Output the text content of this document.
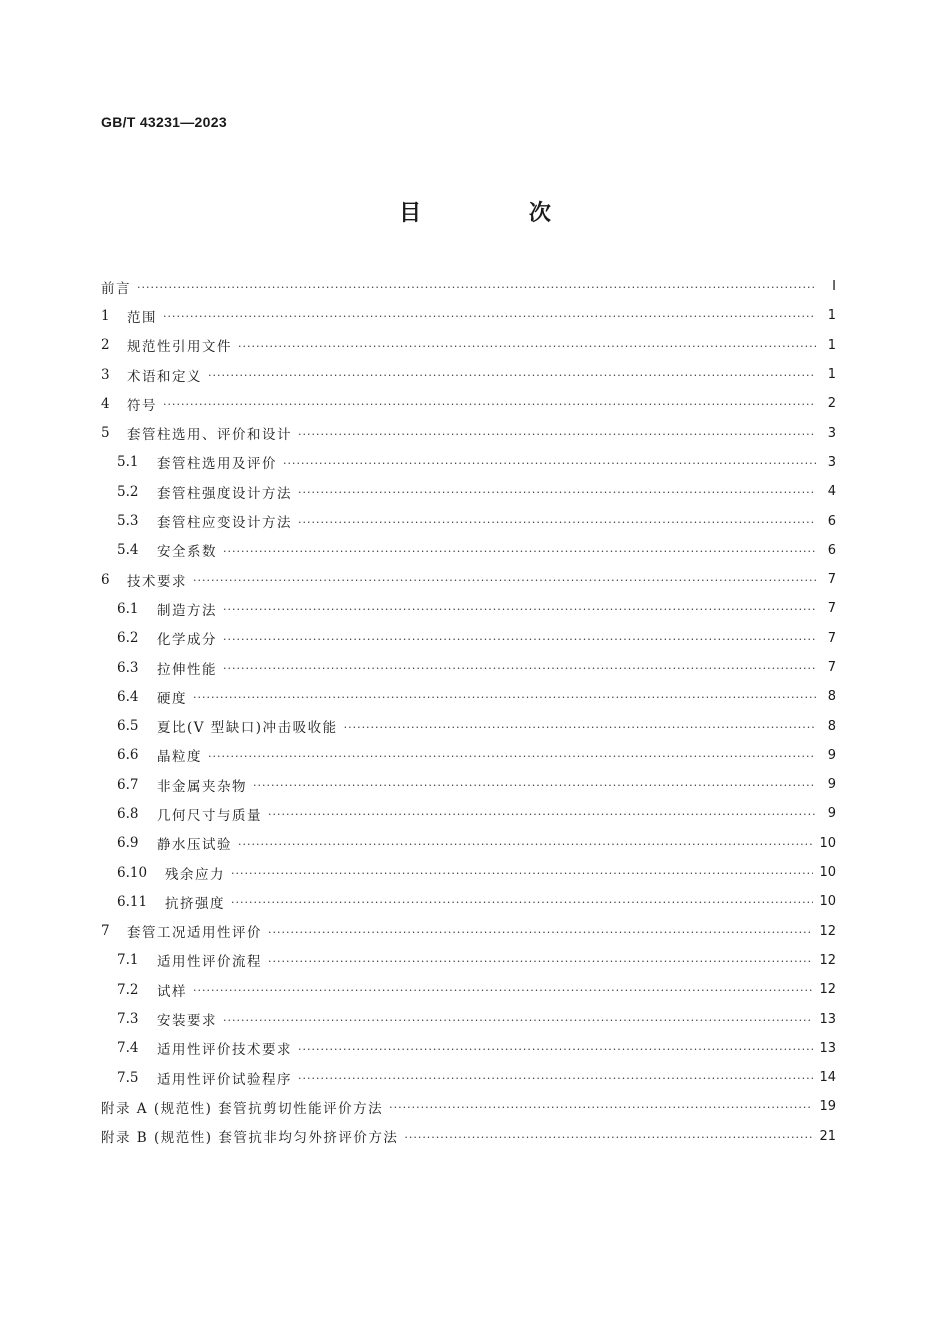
GB/T 43231—2023
目 次
前言 ·····	Ⅰ
1	范围 ·····	1
2	规范性引用文件 ·····	1
3	术语和定义 ·····	1
4	符号 ·····	2
5	套管柱选用、评价和设计 ·····	3
5.1	套管柱选用及评价 ·····	3
5.2	套管柱强度设计方法 ·····	4
5.3	套管柱应变设计方法 ·····	6
5.4	安全系数 ·····	6
6	技术要求 ·····	7
6.1	制造方法 ·····	7
6.2	化学成分 ·····	7
6.3	拉伸性能 ·····	7
6.4	硬度 ·····	8
6.5	夏比(V 型缺口)冲击吸收能 ·····	8
6.6	晶粒度 ·····	9
6.7	非金属夹杂物 ·····	9
6.8	几何尺寸与质量 ·····	9
6.9	静水压试验 ·····	10
6.10	残余应力 ·····	10
6.11	抗挤强度 ·····	10
7	套管工况适用性评价 ·····	12
7.1	适用性评价流程 ·····	12
7.2	试样 ·····	12
7.3	安装要求 ·····	13
7.4	适用性评价技术要求 ·····	13
7.5	适用性评价试验程序 ·····	14
附录 A (规范性) 套管抗剪切性能评价方法 ·····	19
附录 B (规范性) 套管抗非均匀外挤评价方法 ·····	21
